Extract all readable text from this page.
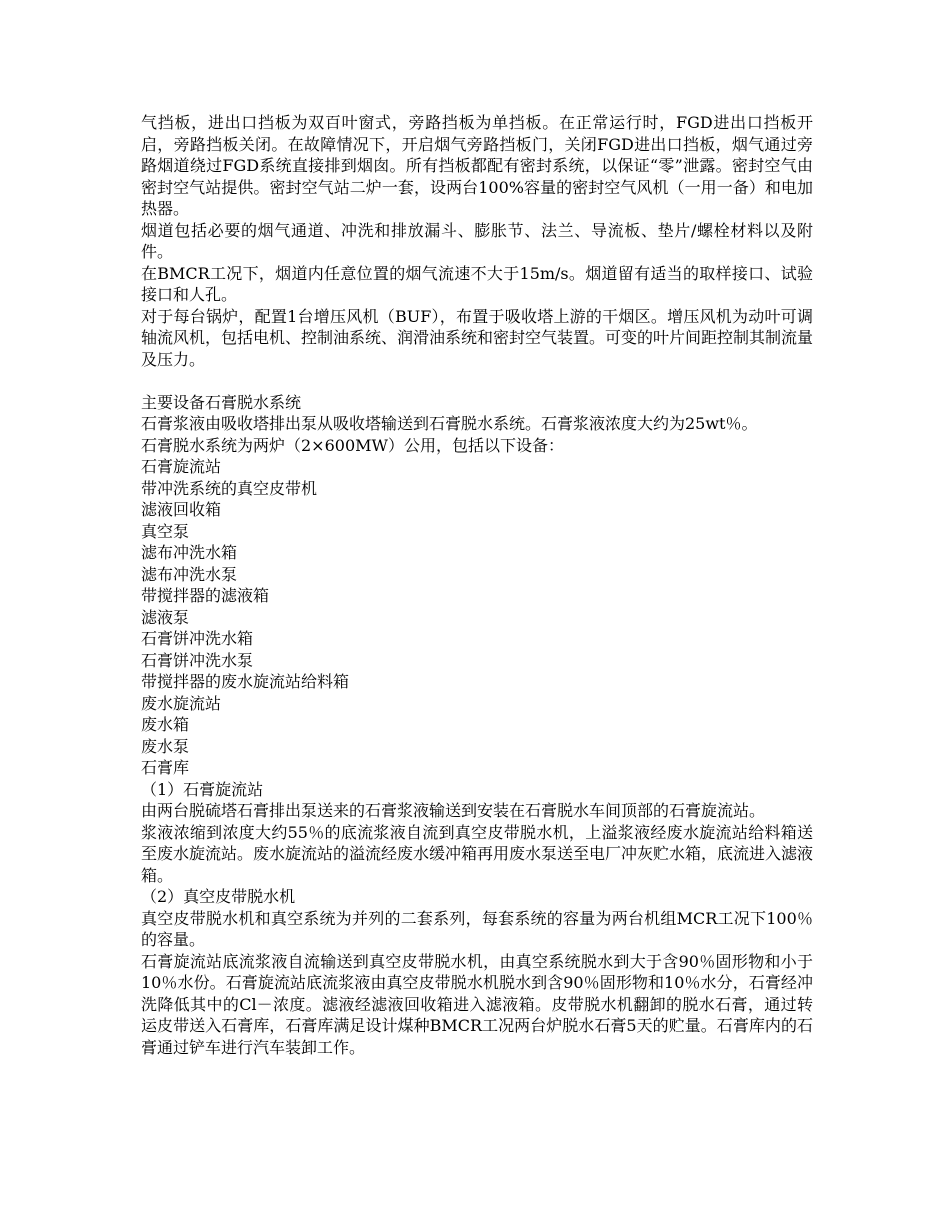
气挡板，进出口挡板为双百叶窗式，旁路挡板为单挡板。在正常运行时，FGD进出口挡板开启，旁路挡板关闭。在故障情况下，开启烟气旁路挡板门，关闭FGD进出口挡板，烟气通过旁路烟道绕过FGD系统直接排到烟囱。所有挡板都配有密封系统，以保证“零”泄露。密封空气由密封空气站提供。密封空气站二炉一套，设两台100%容量的密封空气风机（一用一备）和电加热器。

烟道包括必要的烟气通道、冲洗和排放漏斗、膨胀节、法兰、导流板、垫片/螺栓材料以及附件。

在BMCR工况下，烟道内任意位置的烟气流速不大于15m/s。烟道留有适当的取样接口、试验接口和人孔。

对于每台锅炉，配置1台增压风机（BUF），布置于吸收塔上游的干烟区。增压风机为动叶可调轴流风机，包括电机、控制油系统、润滑油系统和密封空气装置。可变的叶片间距控制其制流量及压力。

主要设备石膏脱水系统

石膏浆液由吸收塔排出泵从吸收塔输送到石膏脱水系统。石膏浆液浓度大约为25wt％。

石膏脱水系统为两炉（2×600MW）公用，包括以下设备：

石膏旋流站

带冲洗系统的真空皮带机

滤液回收箱

真空泵

滤布冲洗水箱

滤布冲洗水泵

带搅拌器的滤液箱

滤液泵

石膏饼冲洗水箱

石膏饼冲洗水泵

带搅拌器的废水旋流站给料箱

废水旋流站

废水箱

废水泵

石膏库

（1）石膏旋流站

由两台脱硫塔石膏排出泵送来的石膏浆液输送到安装在石膏脱水车间顶部的石膏旋流站。

浆液浓缩到浓度大约55％的底流浆液自流到真空皮带脱水机，上溢浆液经废水旋流站给料箱送至废水旋流站。废水旋流站的溢流经废水缓冲箱再用废水泵送至电厂冲灰贮水箱，底流进入滤液箱。

（2）真空皮带脱水机

真空皮带脱水机和真空系统为并列的二套系列，每套系统的容量为两台机组MCR工况下100％的容量。

石膏旋流站底流浆液自流输送到真空皮带脱水机，由真空系统脱水到大于含90％固形物和小于10％水份。石膏旋流站底流浆液由真空皮带脱水机脱水到含90％固形物和10％水分，石膏经冲洗降低其中的Cl－浓度。滤液经滤液回收箱进入滤液箱。皮带脱水机翻卸的脱水石膏，通过转运皮带送入石膏库，石膏库满足设计煤种BMCR工况两台炉脱水石膏5天的贮量。石膏库内的石膏通过铲车进行汽车装卸工作。
